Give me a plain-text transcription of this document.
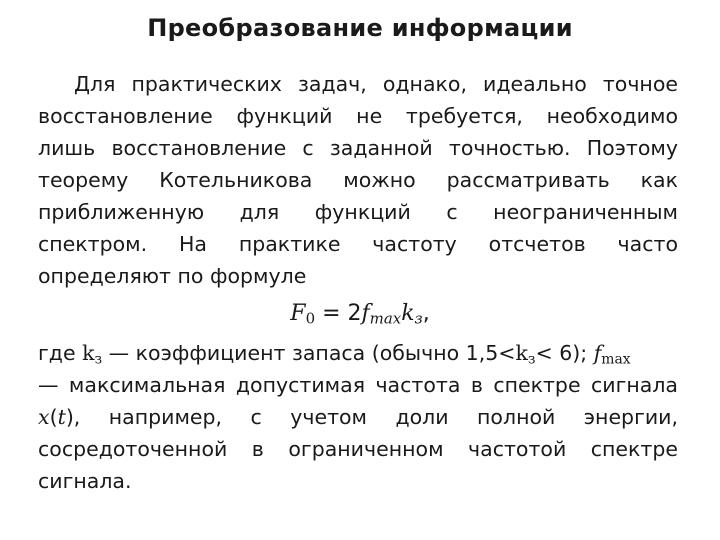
Преобразование информации
Для практических задач, однако, идеально точное
восстановление функций не требуется, необходимо
лишь восстановление с заданной точностью. Поэтому
теорему Котельникова можно рассматривать как
приближенную для функций с неограниченным
спектром. На практике частоту отсчетов часто
определяют по формуле
$F_0 = 2f_{max}k_з$,
где $k_з$ — коэффициент запаса (обычно $1,5<k_з< 6$); $f_{max}$
— максимальная допустимая частота в спектре сигнала
x(t), например, с учетом доли полной энергии,
сосредоточенной в ограниченном частотой спектре
сигнала.
